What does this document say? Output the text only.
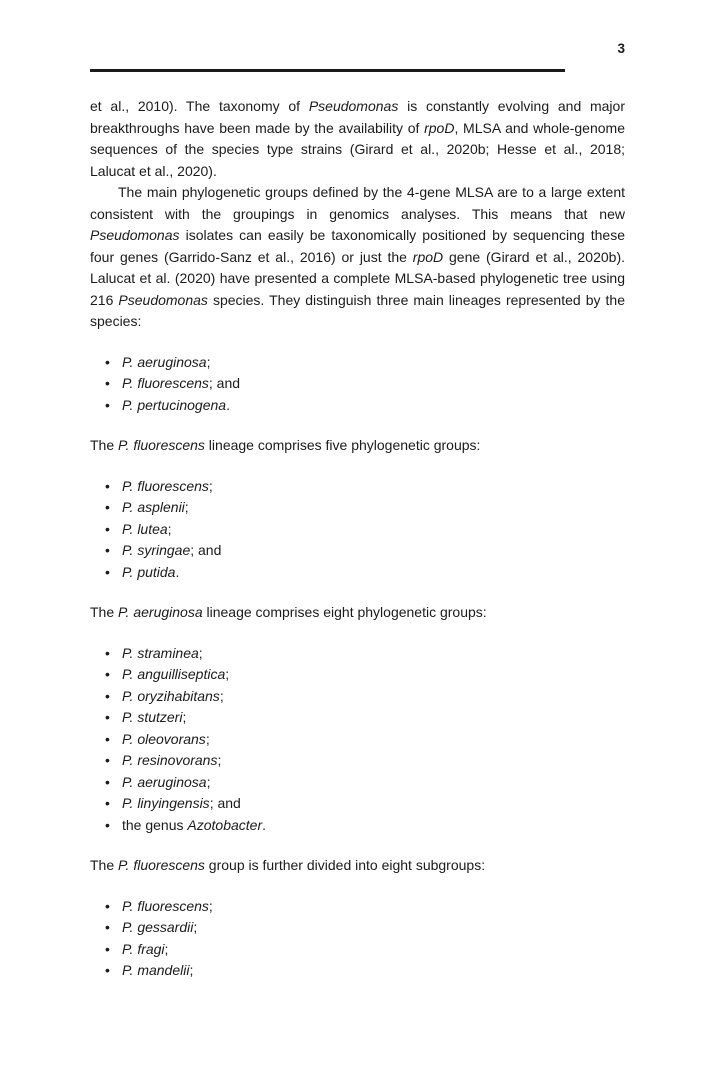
3

et al., 2010). The taxonomy of Pseudomonas is constantly evolving and major breakthroughs have been made by the availability of rpoD, MLSA and whole-genome sequences of the species type strains (Girard et al., 2020b; Hesse et al., 2018; Lalucat et al., 2020).

The main phylogenetic groups defined by the 4-gene MLSA are to a large extent consistent with the groupings in genomics analyses. This means that new Pseudomonas isolates can easily be taxonomically positioned by sequencing these four genes (Garrido-Sanz et al., 2016) or just the rpoD gene (Girard et al., 2020b). Lalucat et al. (2020) have presented a complete MLSA-based phylogenetic tree using 216 Pseudomonas species. They distinguish three main lineages represented by the species:

• P. aeruginosa;
• P. fluorescens; and
• P. pertucinogena.

The P. fluorescens lineage comprises five phylogenetic groups:

• P. fluorescens;
• P. asplenii;
• P. lutea;
• P. syringae; and
• P. putida.

The P. aeruginosa lineage comprises eight phylogenetic groups:

• P. straminea;
• P. anguilliseptica;
• P. oryzihabitans;
• P. stutzeri;
• P. oleovorans;
• P. resinovorans;
• P. aeruginosa;
• P. linyingensis; and
• the genus Azotobacter.

The P. fluorescens group is further divided into eight subgroups:

• P. fluorescens;
• P. gessardii;
• P. fragi;
• P. mandelii;
